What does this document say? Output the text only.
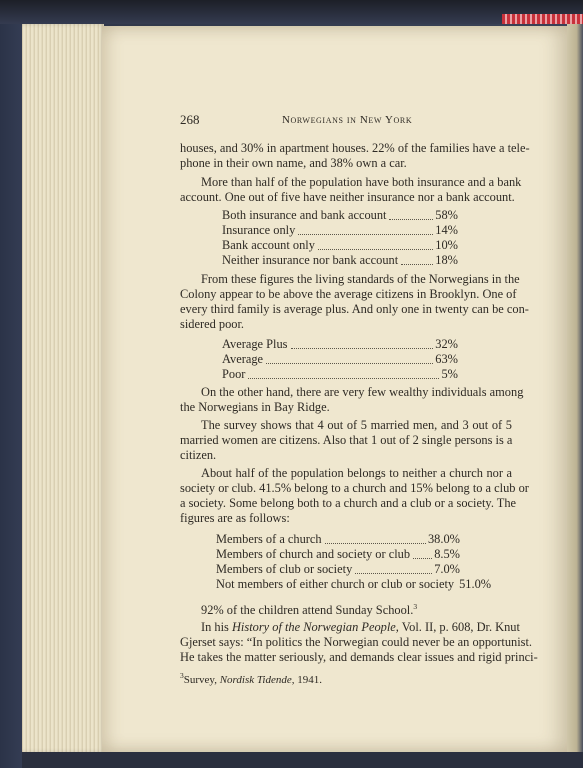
268	Norwegians in New York
houses, and 30% in apartment houses. 22% of the families have a tele-
phone in their own name, and 38% own a car.
More than half of the population have both insurance and a bank
account. One out of five have neither insurance nor a bank account.
Both insurance and bank account	58%
Insurance only	14%
Bank account only	10%
Neither insurance nor bank account	18%
From these figures the living standards of the Norwegians in the
Colony appear to be above the average citizens in Brooklyn. One of
every third family is average plus. And only one in twenty can be con-
sidered poor.
Average Plus	32%
Average	63%
Poor	5%
On the other hand, there are very few wealthy individuals among
the Norwegians in Bay Ridge.
The survey shows that 4 out of 5 married men, and 3 out of 5
married women are citizens. Also that 1 out of 2 single persons is a
citizen.
About half of the population belongs to neither a church nor a
society or club. 41.5% belong to a church and 15% belong to a club or
a society. Some belong both to a church and a club or a society. The
figures are as follows:
Members of a church	38.0%
Members of church and society or club 8.5%
Members of club or society	7.0%
Not members of either church or club or society 51.0%
92% of the children attend Sunday School.$^3$
In his History of the Norwegian People, Vol. II, p. 608, Dr. Knut
Gjerset says: “In politics the Norwegian could never be an opportunist.
He takes the matter seriously, and demands clear issues and rigid princi-
$^3$Survey, Nordisk Tidende, 1941.
